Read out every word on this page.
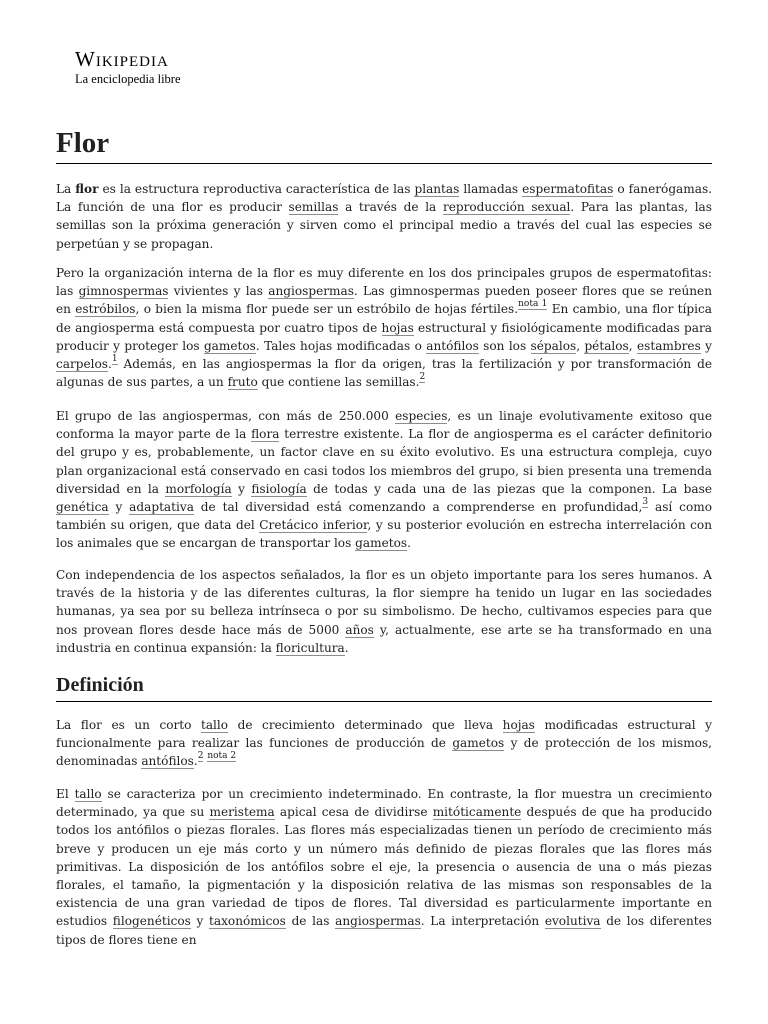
Wikipedia
La enciclopedia libre
Flor

La flor es la estructura reproductiva característica de las plantas llamadas espermatofitas o fanerógamas. La función de una flor es producir semillas a través de la reproducción sexual. Para las plantas, las semillas son la próxima generación y sirven como el principal medio a través del cual las especies se perpetúan y se propagan.

Pero la organización interna de la flor es muy diferente en los dos principales grupos de espermatofitas: las gimnospermas vivientes y las angiospermas. Las gimnospermas pueden poseer flores que se reúnen en estróbilos, o bien la misma flor puede ser un estróbilo de hojas fértiles.$^{nota 1}$ En cambio, una flor típica de angiosperma está compuesta por cuatro tipos de hojas estructural y fisiológicamente modificadas para producir y proteger los gametos. Tales hojas modificadas o antófilos son los sépalos, pétalos, estambres y carpelos.$^1$ Además, en las angiospermas la flor da origen, tras la fertilización y por transformación de algunas de sus partes, a un fruto que contiene las semillas.$^2$

El grupo de las angiospermas, con más de 250.000 especies, es un linaje evolutivamente exitoso que conforma la mayor parte de la flora terrestre existente. La flor de angiosperma es el carácter definitorio del grupo y es, probablemente, un factor clave en su éxito evolutivo. Es una estructura compleja, cuyo plan organizacional está conservado en casi todos los miembros del grupo, si bien presenta una tremenda diversidad en la morfología y fisiología de todas y cada una de las piezas que la componen. La base genética y adaptativa de tal diversidad está comenzando a comprenderse en profundidad,$^3$ así como también su origen, que data del Cretácico inferior, y su posterior evolución en estrecha interrelación con los animales que se encargan de transportar los gametos.

Con independencia de los aspectos señalados, la flor es un objeto importante para los seres humanos. A través de la historia y de las diferentes culturas, la flor siempre ha tenido un lugar en las sociedades humanas, ya sea por su belleza intrínseca o por su simbolismo. De hecho, cultivamos especies para que nos provean flores desde hace más de 5000 años y, actualmente, ese arte se ha transformado en una industria en continua expansión: la floricultura.

Definición

La flor es un corto tallo de crecimiento determinado que lleva hojas modificadas estructural y funcionalmente para realizar las funciones de producción de gametos y de protección de los mismos, denominadas antófilos.$^2$ $^{nota 2}$

El tallo se caracteriza por un crecimiento indeterminado. En contraste, la flor muestra un crecimiento determinado, ya que su meristema apical cesa de dividirse mitóticamente después de que ha producido todos los antófilos o piezas florales. Las flores más especializadas tienen un período de crecimiento más breve y producen un eje más corto y un número más definido de piezas florales que las flores más primitivas. La disposición de los antófilos sobre el eje, la presencia o ausencia de una o más piezas florales, el tamaño, la pigmentación y la disposición relativa de las mismas son responsables de la existencia de una gran variedad de tipos de flores. Tal diversidad es particularmente importante en estudios filogenéticos y taxonómicos de las angiospermas. La interpretación evolutiva de los diferentes tipos de flores tiene en
